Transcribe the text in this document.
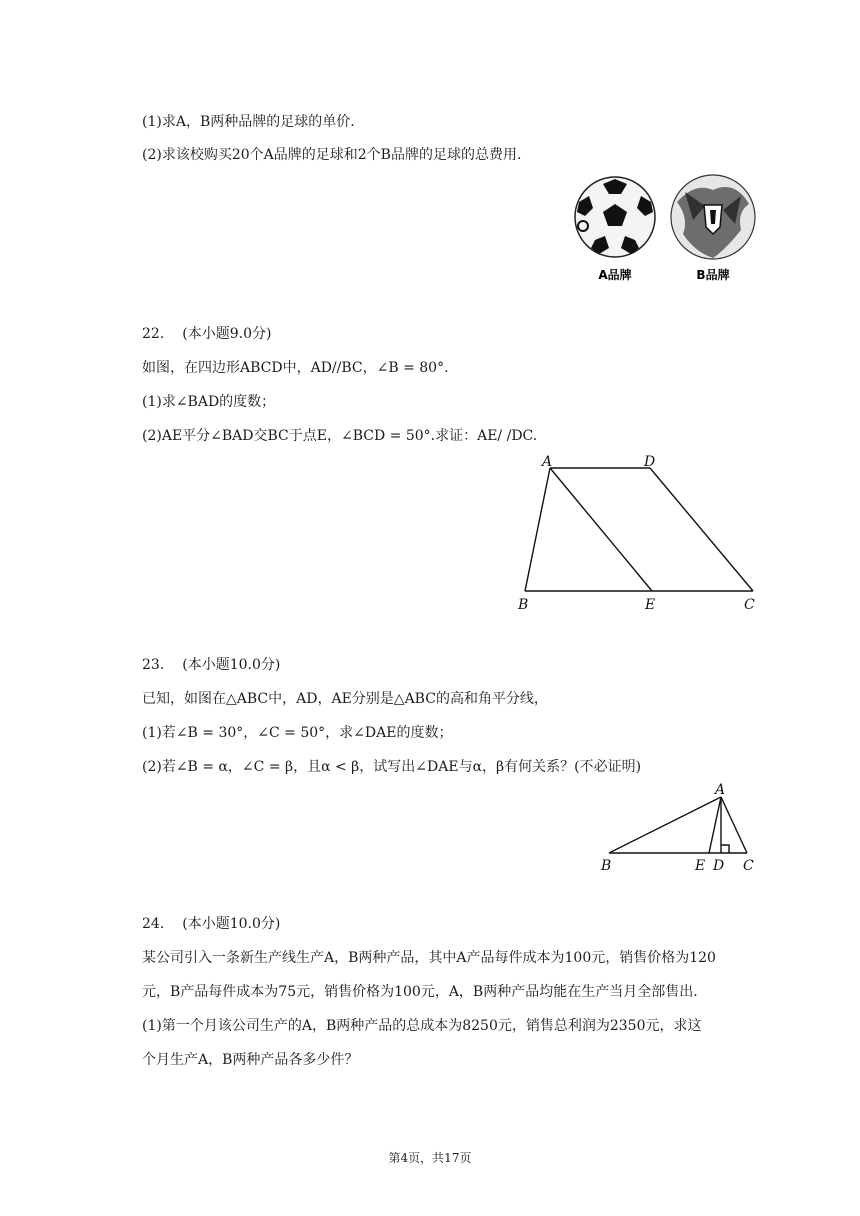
(1)求A，B两种品牌的足球的单价.
(2)求该校购买20个A品牌的足球和2个B品牌的足球的总费用.
A品牌	B品牌
22. (本小题9.0分)
如图，在四边形ABCD中，AD//BC，∠B = 80°.
(1)求∠BAD的度数；
(2)AE平分∠BAD交BC于点E，∠BCD = 50°.求证：AE/ /DC.
A	D
B	E	C
23. (本小题10.0分)
已知，如图在△ABC中，AD，AE分别是△ABC的高和角平分线，
(1)若∠B = 30°，∠C = 50°，求∠DAE的度数；
(2)若∠B = α，∠C = β，且α < β，试写出∠DAE与α，β有何关系？(不必证明)
A
B	E D C
24. (本小题10.0分)
某公司引入一条新生产线生产A，B两种产品，其中A产品每件成本为100元，销售价格为120
元，B产品每件成本为75元，销售价格为100元，A，B两种产品均能在生产当月全部售出.
(1)第一个月该公司生产的A，B两种产品的总成本为8250元，销售总利润为2350元，求这
个月生产A，B两种产品各多少件？
第4页，共17页
